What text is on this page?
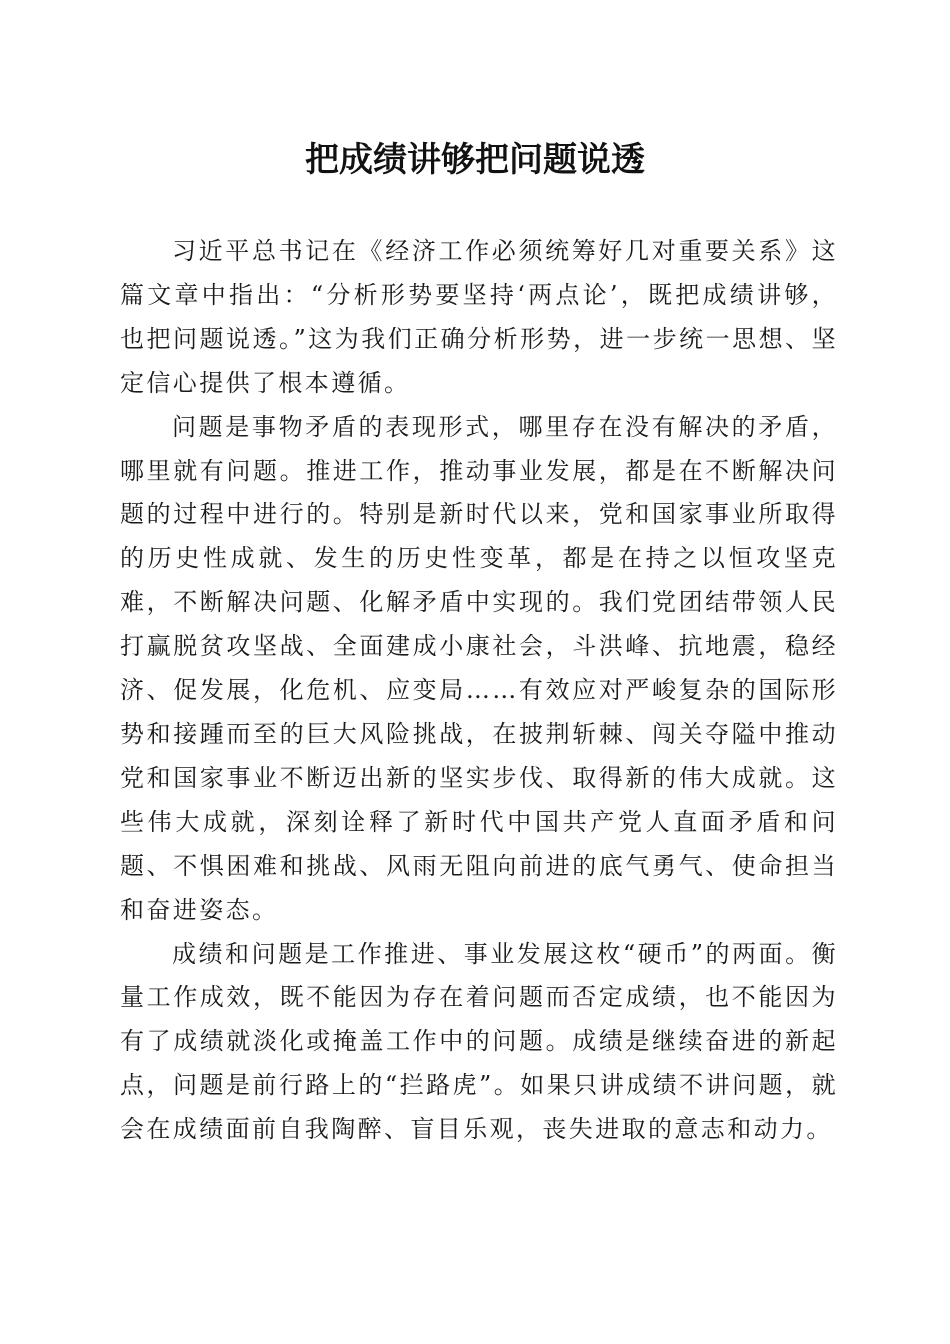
把成绩讲够把问题说透

习近平总书记在《经济工作必须统筹好几对重要关系》这篇文章中指出：“分析形势要坚持‘两点论’，既把成绩讲够，也把问题说透。”这为我们正确分析形势，进一步统一思想、坚定信心提供了根本遵循。

问题是事物矛盾的表现形式，哪里存在没有解决的矛盾，哪里就有问题。推进工作，推动事业发展，都是在不断解决问题的过程中进行的。特别是新时代以来，党和国家事业所取得的历史性成就、发生的历史性变革，都是在持之以恒攻坚克难，不断解决问题、化解矛盾中实现的。我们党团结带领人民打赢脱贫攻坚战、全面建成小康社会，斗洪峰、抗地震，稳经济、促发展，化危机、应变局……有效应对严峻复杂的国际形势和接踵而至的巨大风险挑战，在披荆斩棘、闯关夺隘中推动党和国家事业不断迈出新的坚实步伐、取得新的伟大成就。这些伟大成就，深刻诠释了新时代中国共产党人直面矛盾和问题、不惧困难和挑战、风雨无阻向前进的底气勇气、使命担当和奋进姿态。

成绩和问题是工作推进、事业发展这枚“硬币”的两面。衡量工作成效，既不能因为存在着问题而否定成绩，也不能因为有了成绩就淡化或掩盖工作中的问题。成绩是继续奋进的新起点，问题是前行路上的“拦路虎”。如果只讲成绩不讲问题，就会在成绩面前自我陶醉、盲目乐观，丧失进取的意志和动力。
